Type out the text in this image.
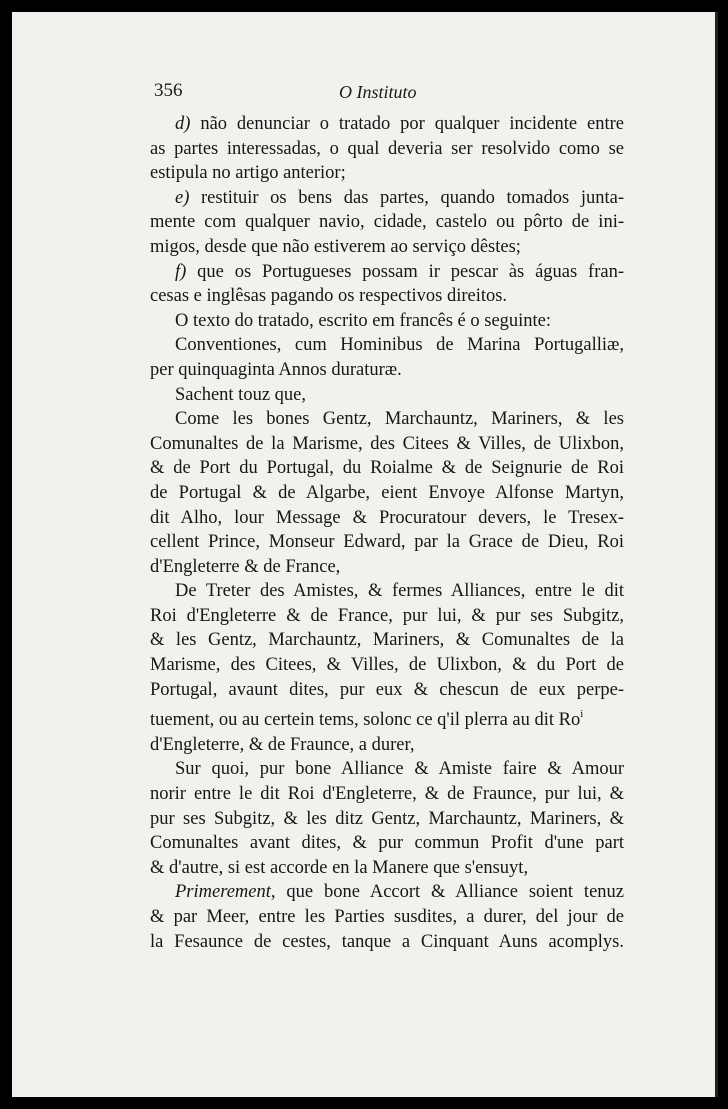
356	O Instituto
d) não denunciar o tratado por qualquer incidente entre
as partes interessadas, o qual deveria ser resolvido como se
estipula no artigo anterior;
e) restituir os bens das partes, quando tomados junta-
mente com qualquer navio, cidade, castelo ou pôrto de ini-
migos, desde que não estiverem ao serviço dêstes;
f) que os Portugueses possam ir pescar às águas fran-
cesas e inglêsas pagando os respectivos direitos.
O texto do tratado, escrito em francês é o seguinte:
Conventiones, cum Hominibus de Marina Portugalliæ,
per quinquaginta Annos duraturæ.
Sachent touz que,
Come les bones Gentz, Marchauntz, Mariners, & les
Comunaltes de la Marisme, des Citees & Villes, de Ulixbon,
& de Port du Portugal, du Roialme & de Seignurie de Roi
de Portugal & de Algarbe, eient Envoye Alfonse Martyn,
dit Alho, lour Message & Procuratour devers, le Tresex-
cellent Prince, Monseur Edward, par la Grace de Dieu, Roi
d'Engleterre & de France,
De Treter des Amistes, & fermes Alliances, entre le dit
Roi d'Engleterre & de France, pur lui, & pur ses Subgitz,
& les Gentz, Marchauntz, Mariners, & Comunaltes de la
Marisme, des Citees, & Villes, de Ulixbon, & du Port de
Portugal, avaunt dites, pur eux & chescun de eux perpe-
tuement, ou au certein tems, solonc ce q'il plerra au dit Ro$^i$
d'Engleterre, & de Fraunce, a durer,
Sur quoi, pur bone Alliance & Amiste faire & Amour
norir entre le dit Roi d'Engleterre, & de Fraunce, pur lui, &
pur ses Subgitz, & les ditz Gentz, Marchauntz, Mariners, &
Comunaltes avant dites, & pur commun Profit d'une part
& d'autre, si est accorde en la Manere que s'ensuyt,
Primerement, que bone Accort & Alliance soient tenuz
& par Meer, entre les Parties susdites, a durer, del jour de
la Fesaunce de cestes, tanque a Cinquant Auns acomplys.
